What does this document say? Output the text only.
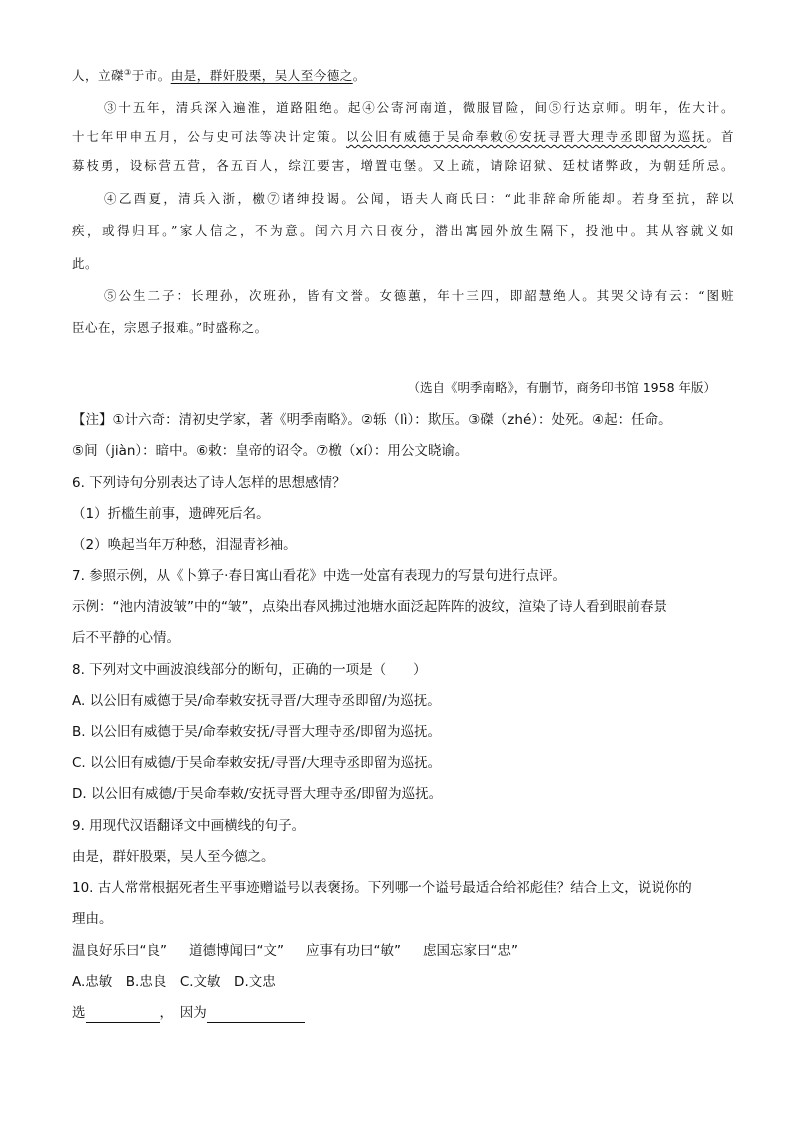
人，立磔③于市。由是，群奸股栗，吴人至今德之。
③十五年，清兵深入遍淮，道路阻绝。起④公寄河南道，微服冒险，间⑤行达京师。明年，佐大计。
十七年甲申五月，公与史可法等决计定策。以公旧有威德于吴命奉敕⑥安抚寻晋大理寺丞即留为巡抚。首
募枝勇，设标营五营，各五百人，综江要害，增置屯堡。又上疏，请除诏狱、廷杖诸弊政，为朝廷所忌。
④乙酉夏，清兵入浙，檄⑦诸绅投谒。公闻，语夫人商氏曰：“此非辞命所能却。若身至抗，辞以
疾，或得归耳。”家人信之，不为意。闰六月六日夜分，潜出寓园外放生隔下，投池中。其从容就义如
此。
⑤公生二子：长理孙，次班孙，皆有文誉。女德蕙，年十三四，即韶慧绝人。其哭父诗有云：“图赃
臣心在，宗恩子报难。”时盛称之。
（选自《明季南略》，有删节，商务印书馆 1958 年版）
【注】①计六奇：清初史学家，著《明季南略》。②轹（lì）：欺压。③磔（zhé）：处死。④起：任命。
⑤间（jiàn）：暗中。⑥敕：皇帝的诏令。⑦檄（xí）：用公文晓谕。
6. 下列诗句分别表达了诗人怎样的思想感情？
（1）折槛生前事，遗碑死后名。
（2）唤起当年万种愁，泪湿青衫袖。
7. 参照示例，从《卜算子·春日寓山看花》中选一处富有表现力的写景句进行点评。
示例：“池内清波皱”中的“皱”，点染出春风拂过池塘水面泛起阵阵的波纹，渲染了诗人看到眼前春景
后不平静的心情。
8. 下列对文中画波浪线部分的断句，正确的一项是（　　）
A. 以公旧有威德于吴/命奉敕安抚寻晋/大理寺丞即留/为巡抚。
B. 以公旧有威德于吴/命奉敕安抚/寻晋大理寺丞/即留为巡抚。
C. 以公旧有威德/于吴命奉敕安抚/寻晋/大理寺丞即留为巡抚。
D. 以公旧有威德/于吴命奉敕/安抚寻晋大理寺丞/即留为巡抚。
9. 用现代汉语翻译文中画横线的句子。
由是，群奸股栗，吴人至今德之。
10. 古人常常根据死者生平事迹赠谥号以表褒扬。下列哪一个谥号最适合给祁彪佳？结合上文，说说你的
理由。
温良好乐曰“良” 道德博闻曰“文” 应事有功曰“敏” 虑国忘家曰“忠”
A.忠敏　B.忠良　C.文敏　D.文忠
选	，　因为
